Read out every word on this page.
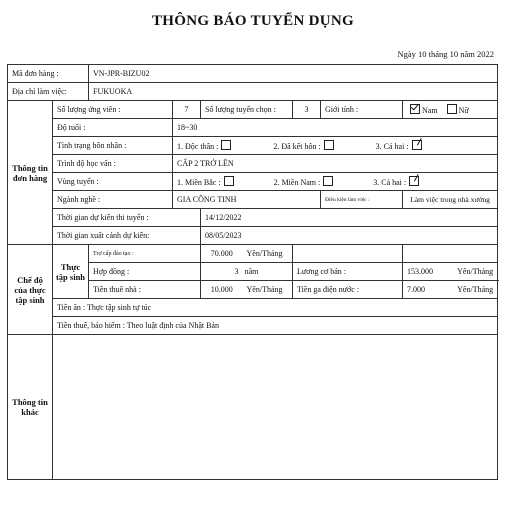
THÔNG BÁO TUYỂN DỤNG
Ngày 10 tháng 10 năm 2022
Mã đơn hàng :		VN-JPR-BIZU02							
Địa chỉ làm việc:		FUKUOKA							
Thông tin đơn hàng	Số lượng ứng viên :		7	Số lượng tuyển chọn :		3	Giới tính :	Nam Nữ	
	Độ tuổi :		18~30						
	Tình trạng hôn nhân :		1. Độc thân : 2. Đã kết hôn : 3. Cả hai :						
	Trình độ học vấn :		CẤP 2 TRỞ LÊN						
	Vùng tuyển :		1. Miền Bắc : 2. Miền Nam : 3. Cả hai :						
	Ngành nghề :		GIA CÔNG TINH				Điều kiện làm việc :	Làm việc trong nhà xưởng	
	Thời gian dự kiến thi tuyển :			14/12/2022					
	Thời gian xuất cảnh dự kiến:			08/05/2023					
Chế độ của thực tập sinh	Thực tập sinh	Trợ cấp đào tạo :		70.000	Yên/Tháng				
		Hợp đồng :		3 năm		Lương cơ bản :		153.000	Yên/Tháng
		Tiền thuê nhà :		10.000	Yên/Tháng	Tiền ga điện nước :		7.000	Yên/Tháng
	Tiền ăn : Thực tập sinh tự túc								
	Tiền thuế, bảo hiểm : Theo luật định của Nhật Bản								
Thông tin khác									
